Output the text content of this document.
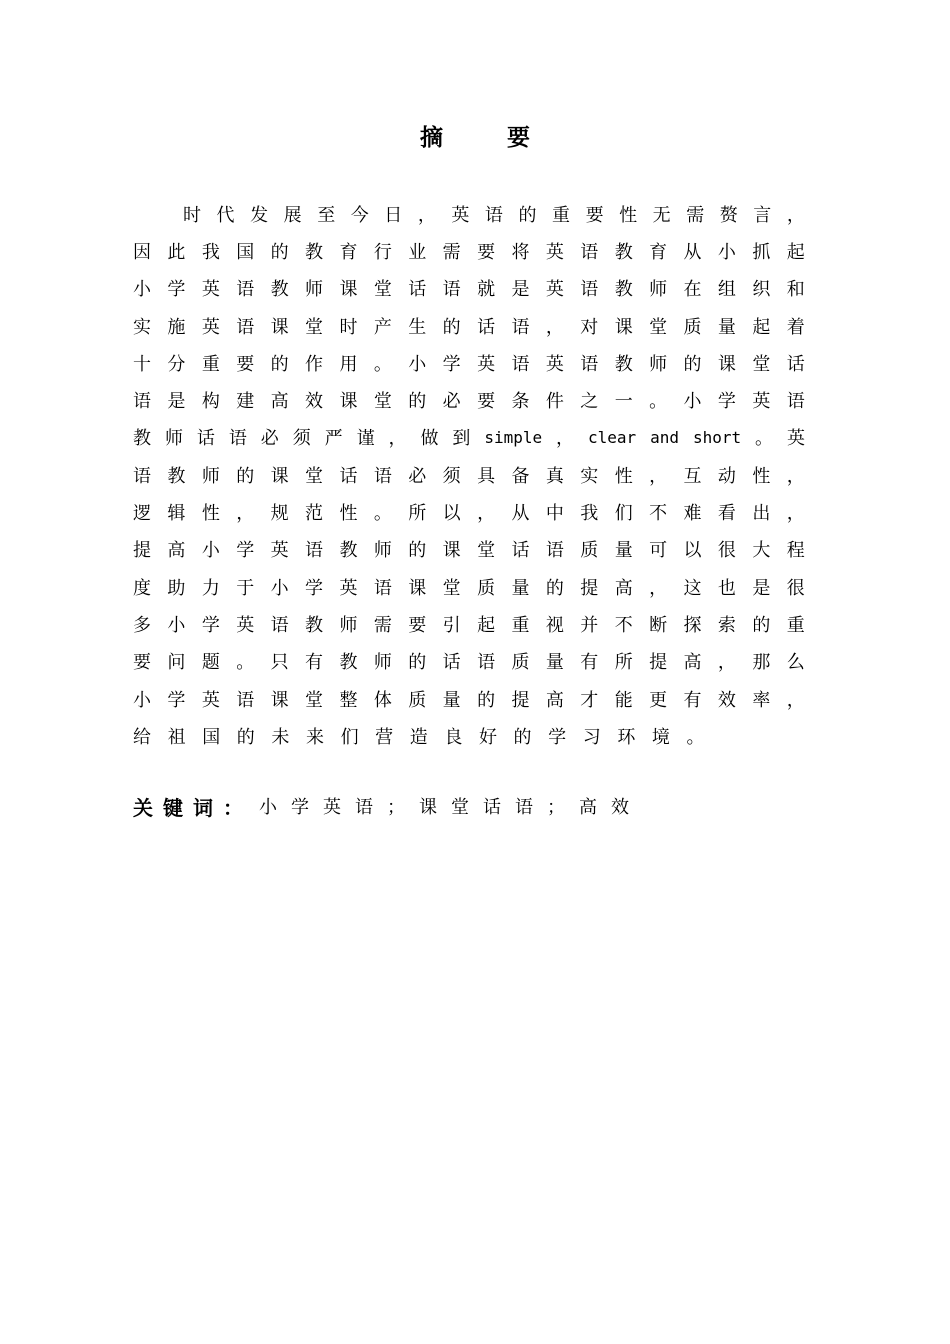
摘	要
时 代 发 展 至 今 日 ， 英 语 的 重 要 性 无 需 赘 言 ，
因 此 我 国 的 教 育 行 业 需 要 将 英 语 教 育 从 小 抓 起
小 学 英 语 教 师 课 堂 话 语 就 是 英 语 教 师 在 组 织 和
实 施 英 语 课 堂 时 产 生 的 话 语 ， 对 课 堂 质 量 起 着
十 分 重 要 的 作 用 。 小 学 英 语 英 语 教 师 的 课 堂 话
语 是 构 建 高 效 课 堂 的 必 要 条 件 之 一 。 小 学 英 语
教 师 话 语 必 须 严 谨 ， 做 到 simple ， clear and short 。 英
语 教 师 的 课 堂 话 语 必 须 具 备 真 实 性 ， 互 动 性 ，
逻 辑 性 ， 规 范 性 。 所 以 ， 从 中 我 们 不 难 看 出 ，
提 高 小 学 英 语 教 师 的 课 堂 话 语 质 量 可 以 很 大 程
度 助 力 于 小 学 英 语 课 堂 质 量 的 提 高 ， 这 也 是 很
多 小 学 英 语 教 师 需 要 引 起 重 视 并 不 断 探 索 的 重
要 问 题 。 只 有 教 师 的 话 语 质 量 有 所 提 高 ， 那 么
小 学 英 语 课 堂 整 体 质 量 的 提 高 才 能 更 有 效 率 ，
给 祖 国 的 未 来 们 营 造 良 好 的 学 习 环 境 。
关键词： 小学英语；课堂话语；高效
